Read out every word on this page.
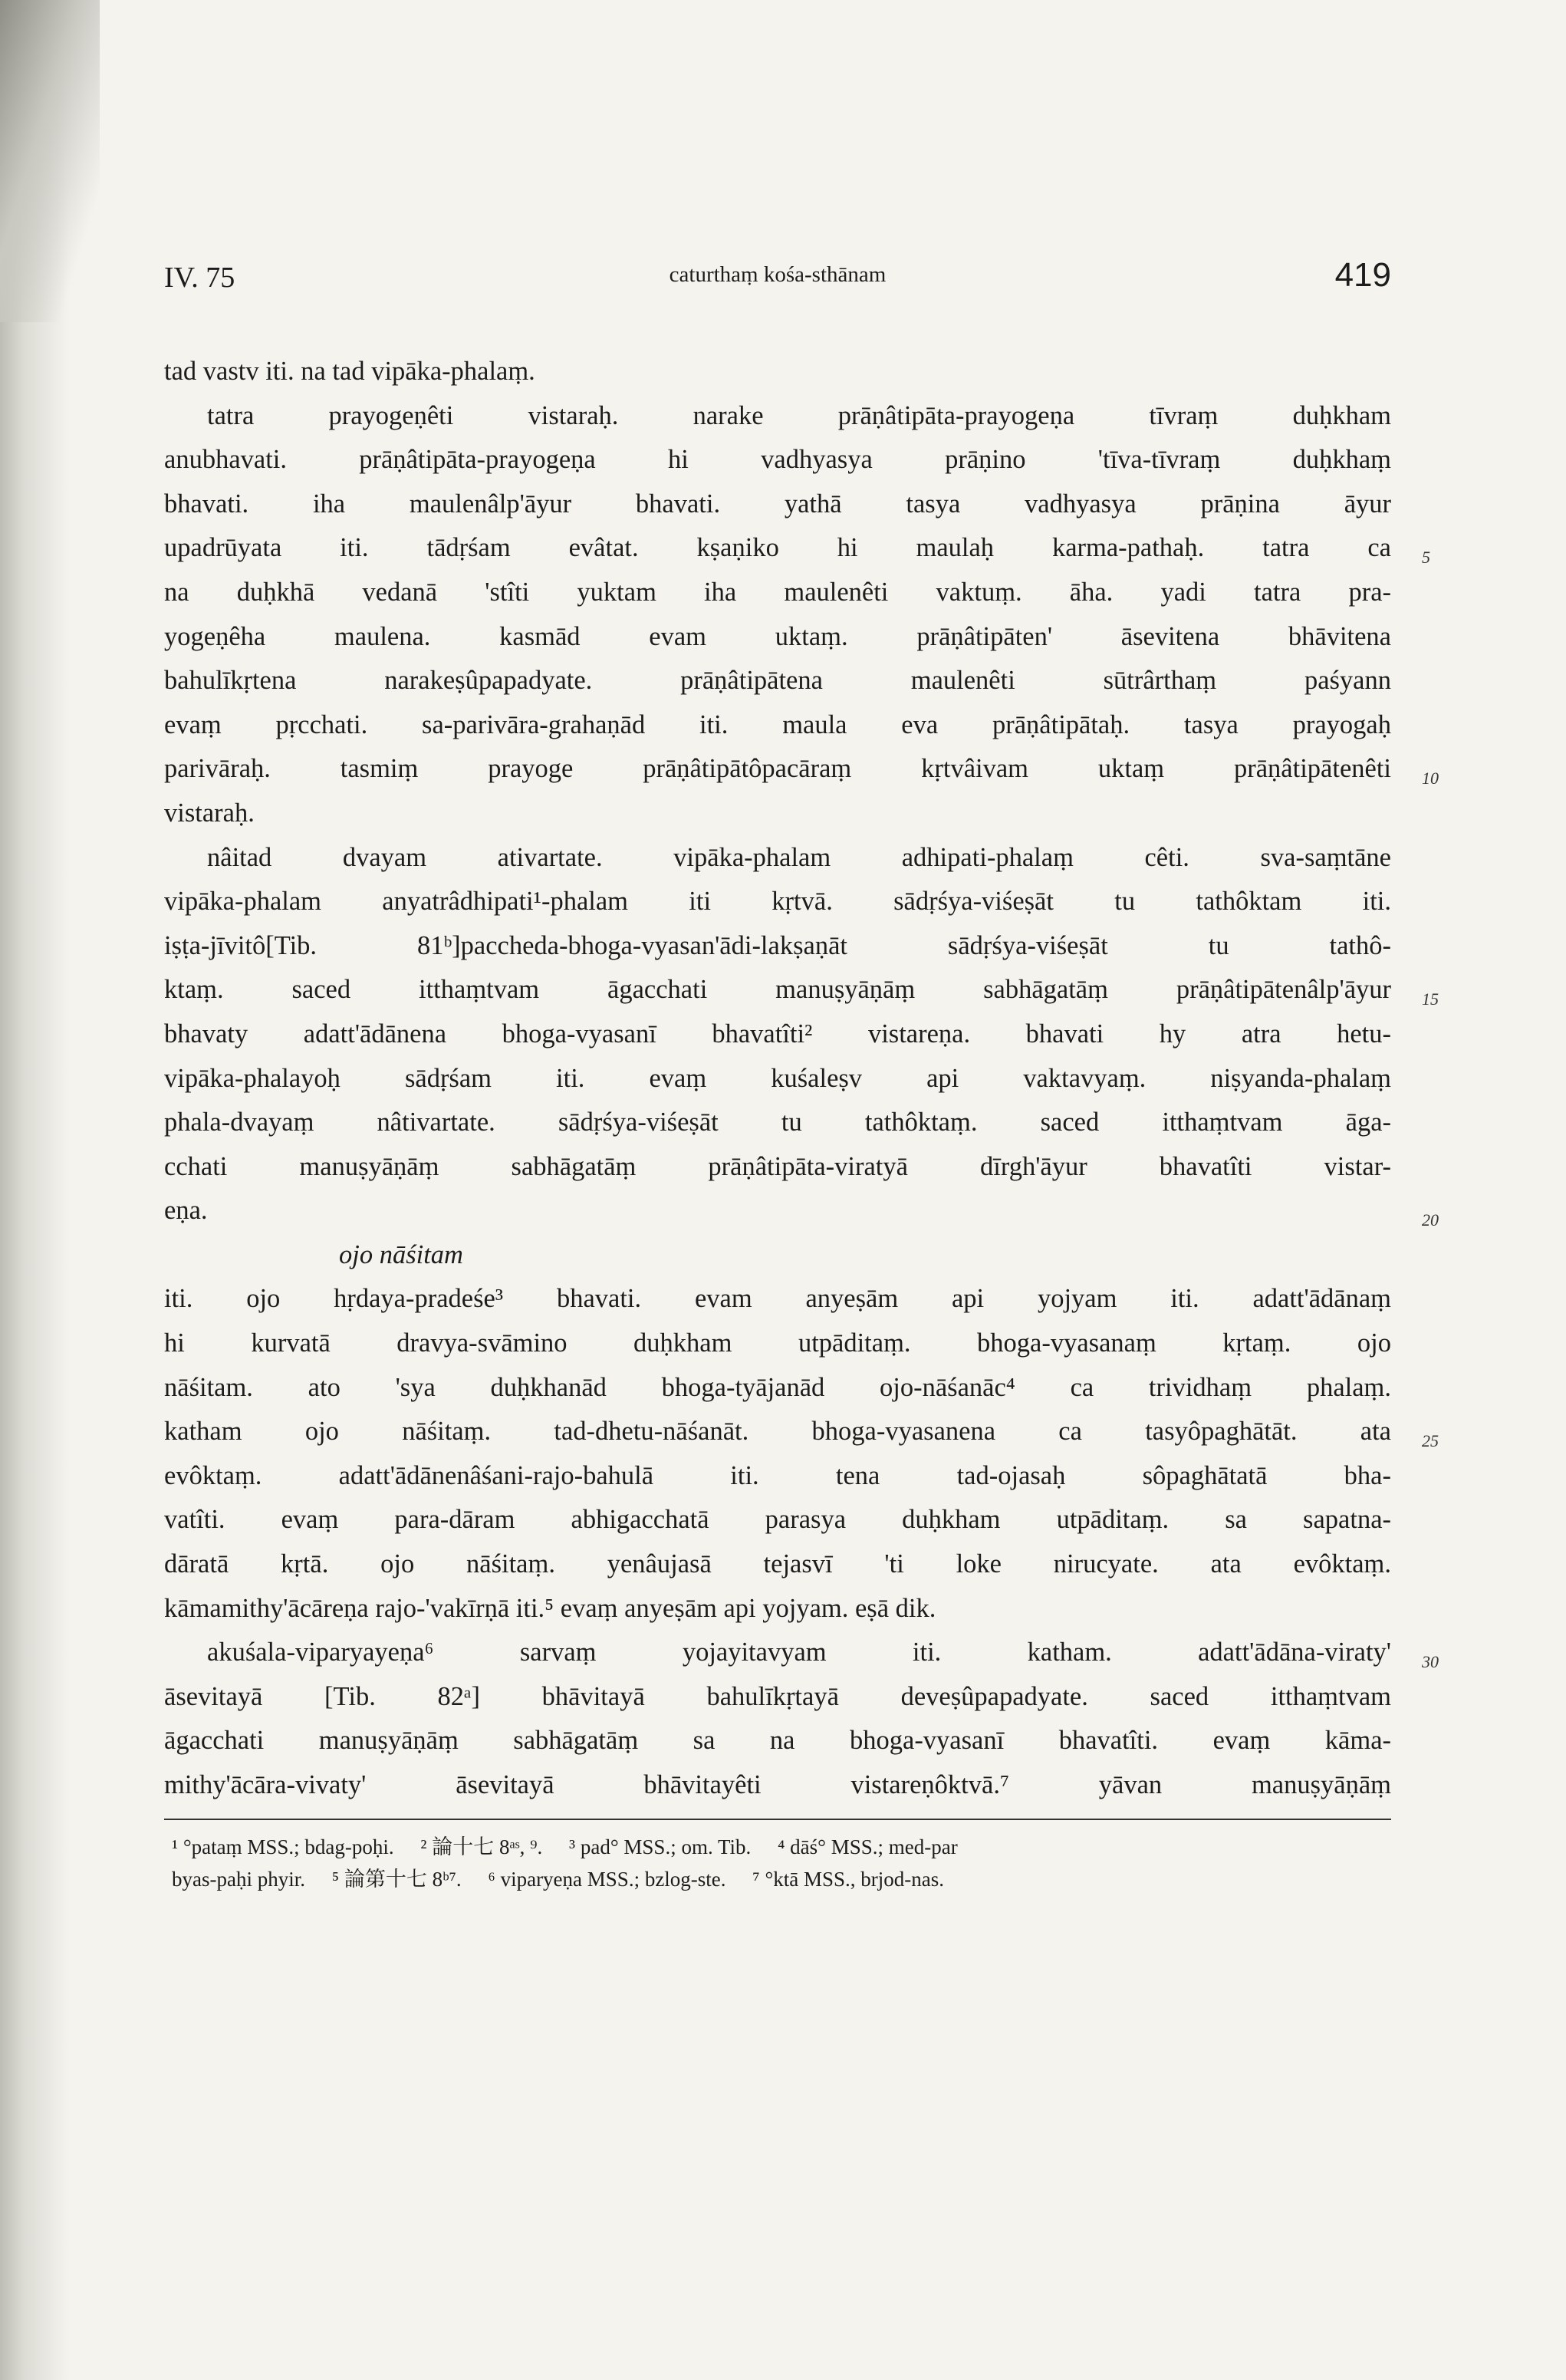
IV. 75	caturthaṃ kośa-sthānam	419
tad vastv iti. na tad vipāka-phalaṃ.
tatra prayogeṇêti vistaraḥ. narake prāṇâtipāta-prayogeṇa tīvraṃ duḥkham
anubhavati. prāṇâtipāta-prayogeṇa hi vadhyasya prāṇino 'tīva-tīvraṃ duḥkhaṃ
bhavati. iha maulenâlp'āyur bhavati. yathā tasya vadhyasya prāṇina āyur
upadrūyata iti. tādṛśam evâtat. kṣaṇiko hi maulaḥ karma-pathaḥ. tatra ca 5
na duḥkhā vedanā 'stîti yuktam iha maulenêti vaktuṃ. āha. yadi tatra pra-
yogeṇêha maulena. kasmād evam uktaṃ. prāṇâtipāten' āsevitena bhāvitena
bahulīkṛtena narakeṣûpapadyate. prāṇâtipātena maulenêti sūtrârthaṃ paśyann
evaṃ pṛcchati. sa-parivāra-grahaṇād iti. maula eva prāṇâtipātaḥ. tasya prayogaḥ
parivāraḥ. tasmiṃ prayoge prāṇâtipātôpacāraṃ kṛtvâivam uktaṃ prāṇâtipātenêti 10
vistaraḥ.
nâitad dvayam ativartate. vipāka-phalam adhipati-phalaṃ cêti. sva-saṃtāne
vipāka-phalam anyatrâdhipati¹-phalam iti kṛtvā. sādṛśya-viśeṣāt tu tathôktam iti.
iṣṭa-jīvitô[Tib. 81ᵇ]paccheda-bhoga-vyasan'ādi-lakṣaṇāt sādṛśya-viśeṣāt tu tathô-
ktaṃ. saced itthaṃtvam āgacchati manuṣyāṇāṃ sabhāgatāṃ prāṇâtipātenâlp'āyur 15
bhavaty adatt'ādānena bhoga-vyasanī bhavatîti² vistareṇa. bhavati hy atra hetu-
vipāka-phalayoḥ sādṛśam iti. evaṃ kuśaleṣv api vaktavyaṃ. niṣyanda-phalaṃ
phala-dvayaṃ nâtivartate. sādṛśya-viśeṣāt tu tathôktaṃ. saced itthaṃtvam āga-
cchati manuṣyāṇāṃ sabhāgatāṃ prāṇâtipāta-viratyā dīrgh'āyur bhavatîti vistar-
eṇa.	20
ojo nāśitam
iti. ojo hṛdaya-pradeśe³ bhavati. evam anyeṣām api yojyam iti. adatt'ādānaṃ
hi kurvatā dravya-svāmino duḥkham utpāditaṃ. bhoga-vyasanaṃ kṛtaṃ. ojo
nāśitam. ato 'sya duḥkhanād bhoga-tyājanād ojo-nāśanāc⁴ ca trividhaṃ phalaṃ.
katham ojo nāśitaṃ. tad-dhetu-nāśanāt. bhoga-vyasanena ca tasyôpaghātāt. ata 25
evôktaṃ. adatt'ādānenâśani-rajo-bahulā iti. tena tad-ojasaḥ sôpaghātatā bha-
vatîti. evaṃ para-dāram abhigacchatā parasya duḥkham utpāditaṃ. sa sapatna-
dāratā kṛtā. ojo nāśitaṃ. yenâujasā tejasvī 'ti loke nirucyate. ata evôktaṃ.
kāmamithy'ācāreṇa rajo-'vakīrṇā iti.⁵ evaṃ anyeṣām api yojyam. eṣā dik.
akuśala-viparyayeṇa⁶ sarvaṃ yojayitavyam iti. katham. adatt'ādāna-viraty' 30
āsevitayā [Tib. 82ᵃ] bhāvitayā bahulīkṛtayā deveṣûpapadyate. saced itthaṃtvam
āgacchati manuṣyāṇāṃ sabhāgatāṃ sa na bhoga-vyasanī bhavatîti. evaṃ kāma-
mithy'ācāra-vivaty' āsevitayā bhāvitayêti vistareṇôktvā.⁷ yāvan manuṣyāṇāṃ
¹ °pataṃ MSS.; bdag-poḥi. ² 論十七 8ᵃˢ, ⁹. ³ pad° MSS.; om. Tib. ⁴ dāś° MSS.; med-par
byas-paḥi phyir. ⁵ 論第十七 8ᵇ⁷. ⁶ viparyeṇa MSS.; bzlog-ste. ⁷ °ktā MSS., brjod-nas.
